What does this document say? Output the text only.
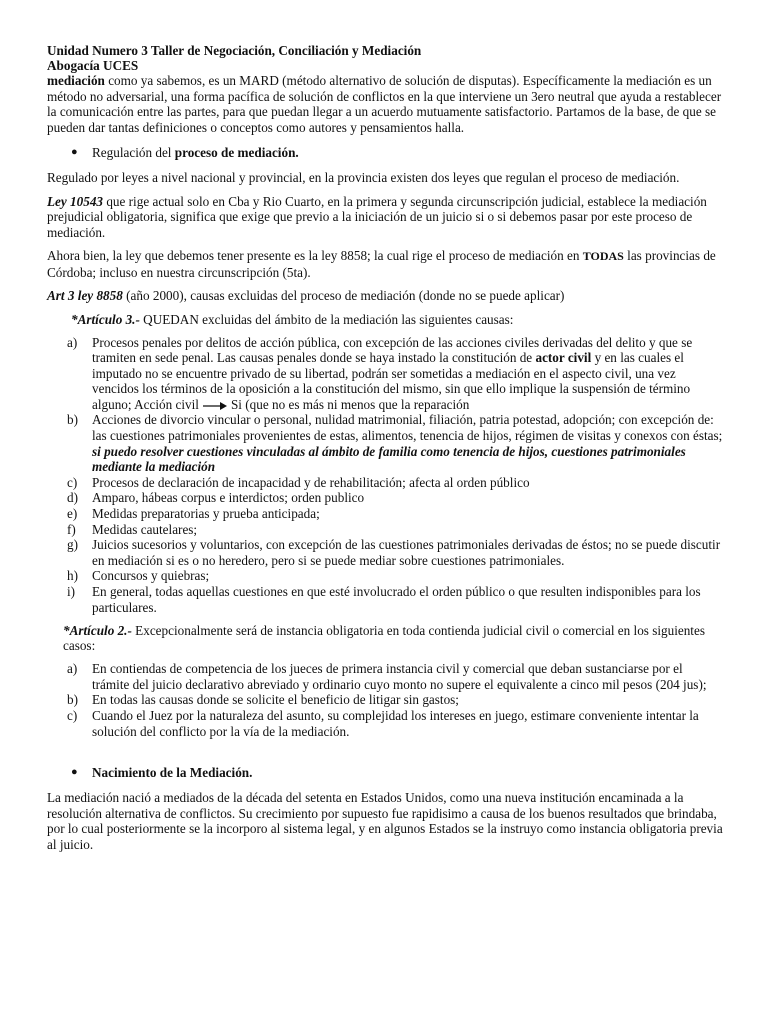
Unidad Numero 3 Taller de Negociación, Conciliación y Mediación
Abogacía UCES

mediación como ya sabemos, es un MARD (método alternativo de solución de disputas). Específicamente la mediación es un método no adversarial, una forma pacífica de solución de conflictos en la que interviene un 3ero neutral que ayuda a restablecer la comunicación entre las partes, para que puedan llegar a un acuerdo mutuamente satisfactorio. Partamos de la base, de que se pueden dar tantas definiciones o conceptos como autores y pensamientos halla.

● Regulación del proceso de mediación.

Regulado por leyes a nivel nacional y provincial, en la provincia existen dos leyes que regulan el proceso de mediación.

Ley 10543 que rige actual solo en Cba y Rio Cuarto, en la primera y segunda circunscripción judicial, establece la mediación prejudicial obligatoria, significa que exige que previo a la iniciación de un juicio si o si debemos pasar por este proceso de mediación.

Ahora bien, la ley que debemos tener presente es la ley 8858; la cual rige el proceso de mediación en TODAS las provincias de Córdoba; incluso en nuestra circunscripción (5ta).

Art 3 ley 8858 (año 2000), causas excluidas del proceso de mediación (donde no se puede aplicar)

*Artículo 3.- QUEDAN excluidas del ámbito de la mediación las siguientes causas:
a) Procesos penales por delitos de acción pública, con excepción de las acciones civiles derivadas del delito y que se tramiten en sede penal. Las causas penales donde se haya instado la constitución de actor civil y en las cuales el imputado no se encuentre privado de su libertad, podrán ser sometidas a mediación en el aspecto civil, una vez vencidos los términos de la oposición a la constitución del mismo, sin que ello implique la suspensión de término alguno; Acción civil Si (que no es más ni menos que la reparación
b) Acciones de divorcio vincular o personal, nulidad matrimonial, filiación, patria potestad, adopción; con excepción de: las cuestiones patrimoniales provenientes de estas, alimentos, tenencia de hijos, régimen de visitas y conexos con éstas; si puedo resolver cuestiones vinculadas al ámbito de familia como tenencia de hijos, cuestiones patrimoniales mediante la mediación
c) Procesos de declaración de incapacidad y de rehabilitación; afecta al orden público
d) Amparo, hábeas corpus e interdictos; orden publico
e) Medidas preparatorias y prueba anticipada;
f) Medidas cautelares;
g) Juicios sucesorios y voluntarios, con excepción de las cuestiones patrimoniales derivadas de éstos; no se puede discutir en mediación si es o no heredero, pero si se puede mediar sobre cuestiones patrimoniales.
h) Concursos y quiebras;
i) En general, todas aquellas cuestiones en que esté involucrado el orden público o que resulten indisponibles para los particulares.
*Artículo 2.- Excepcionalmente será de instancia obligatoria en toda contienda judicial civil o comercial en los siguientes casos:
a) En contiendas de competencia de los jueces de primera instancia civil y comercial que deban sustanciarse por el trámite del juicio declarativo abreviado y ordinario cuyo monto no supere el equivalente a cinco mil pesos (204 jus);
b) En todas las causas donde se solicite el beneficio de litigar sin gastos;
c) Cuando el Juez por la naturaleza del asunto, su complejidad los intereses en juego, estimare conveniente intentar la solución del conflicto por la vía de la mediación.
● Nacimiento de la Mediación.

La mediación nació a mediados de la década del setenta en Estados Unidos, como una nueva institución encaminada a la resolución alternativa de conflictos. Su crecimiento por supuesto fue rapidisimo a causa de los buenos resultados que brindaba, por lo cual posteriormente se la incorporo al sistema legal, y en algunos Estados se la instruyo como instancia obligatoria previa al juicio.
